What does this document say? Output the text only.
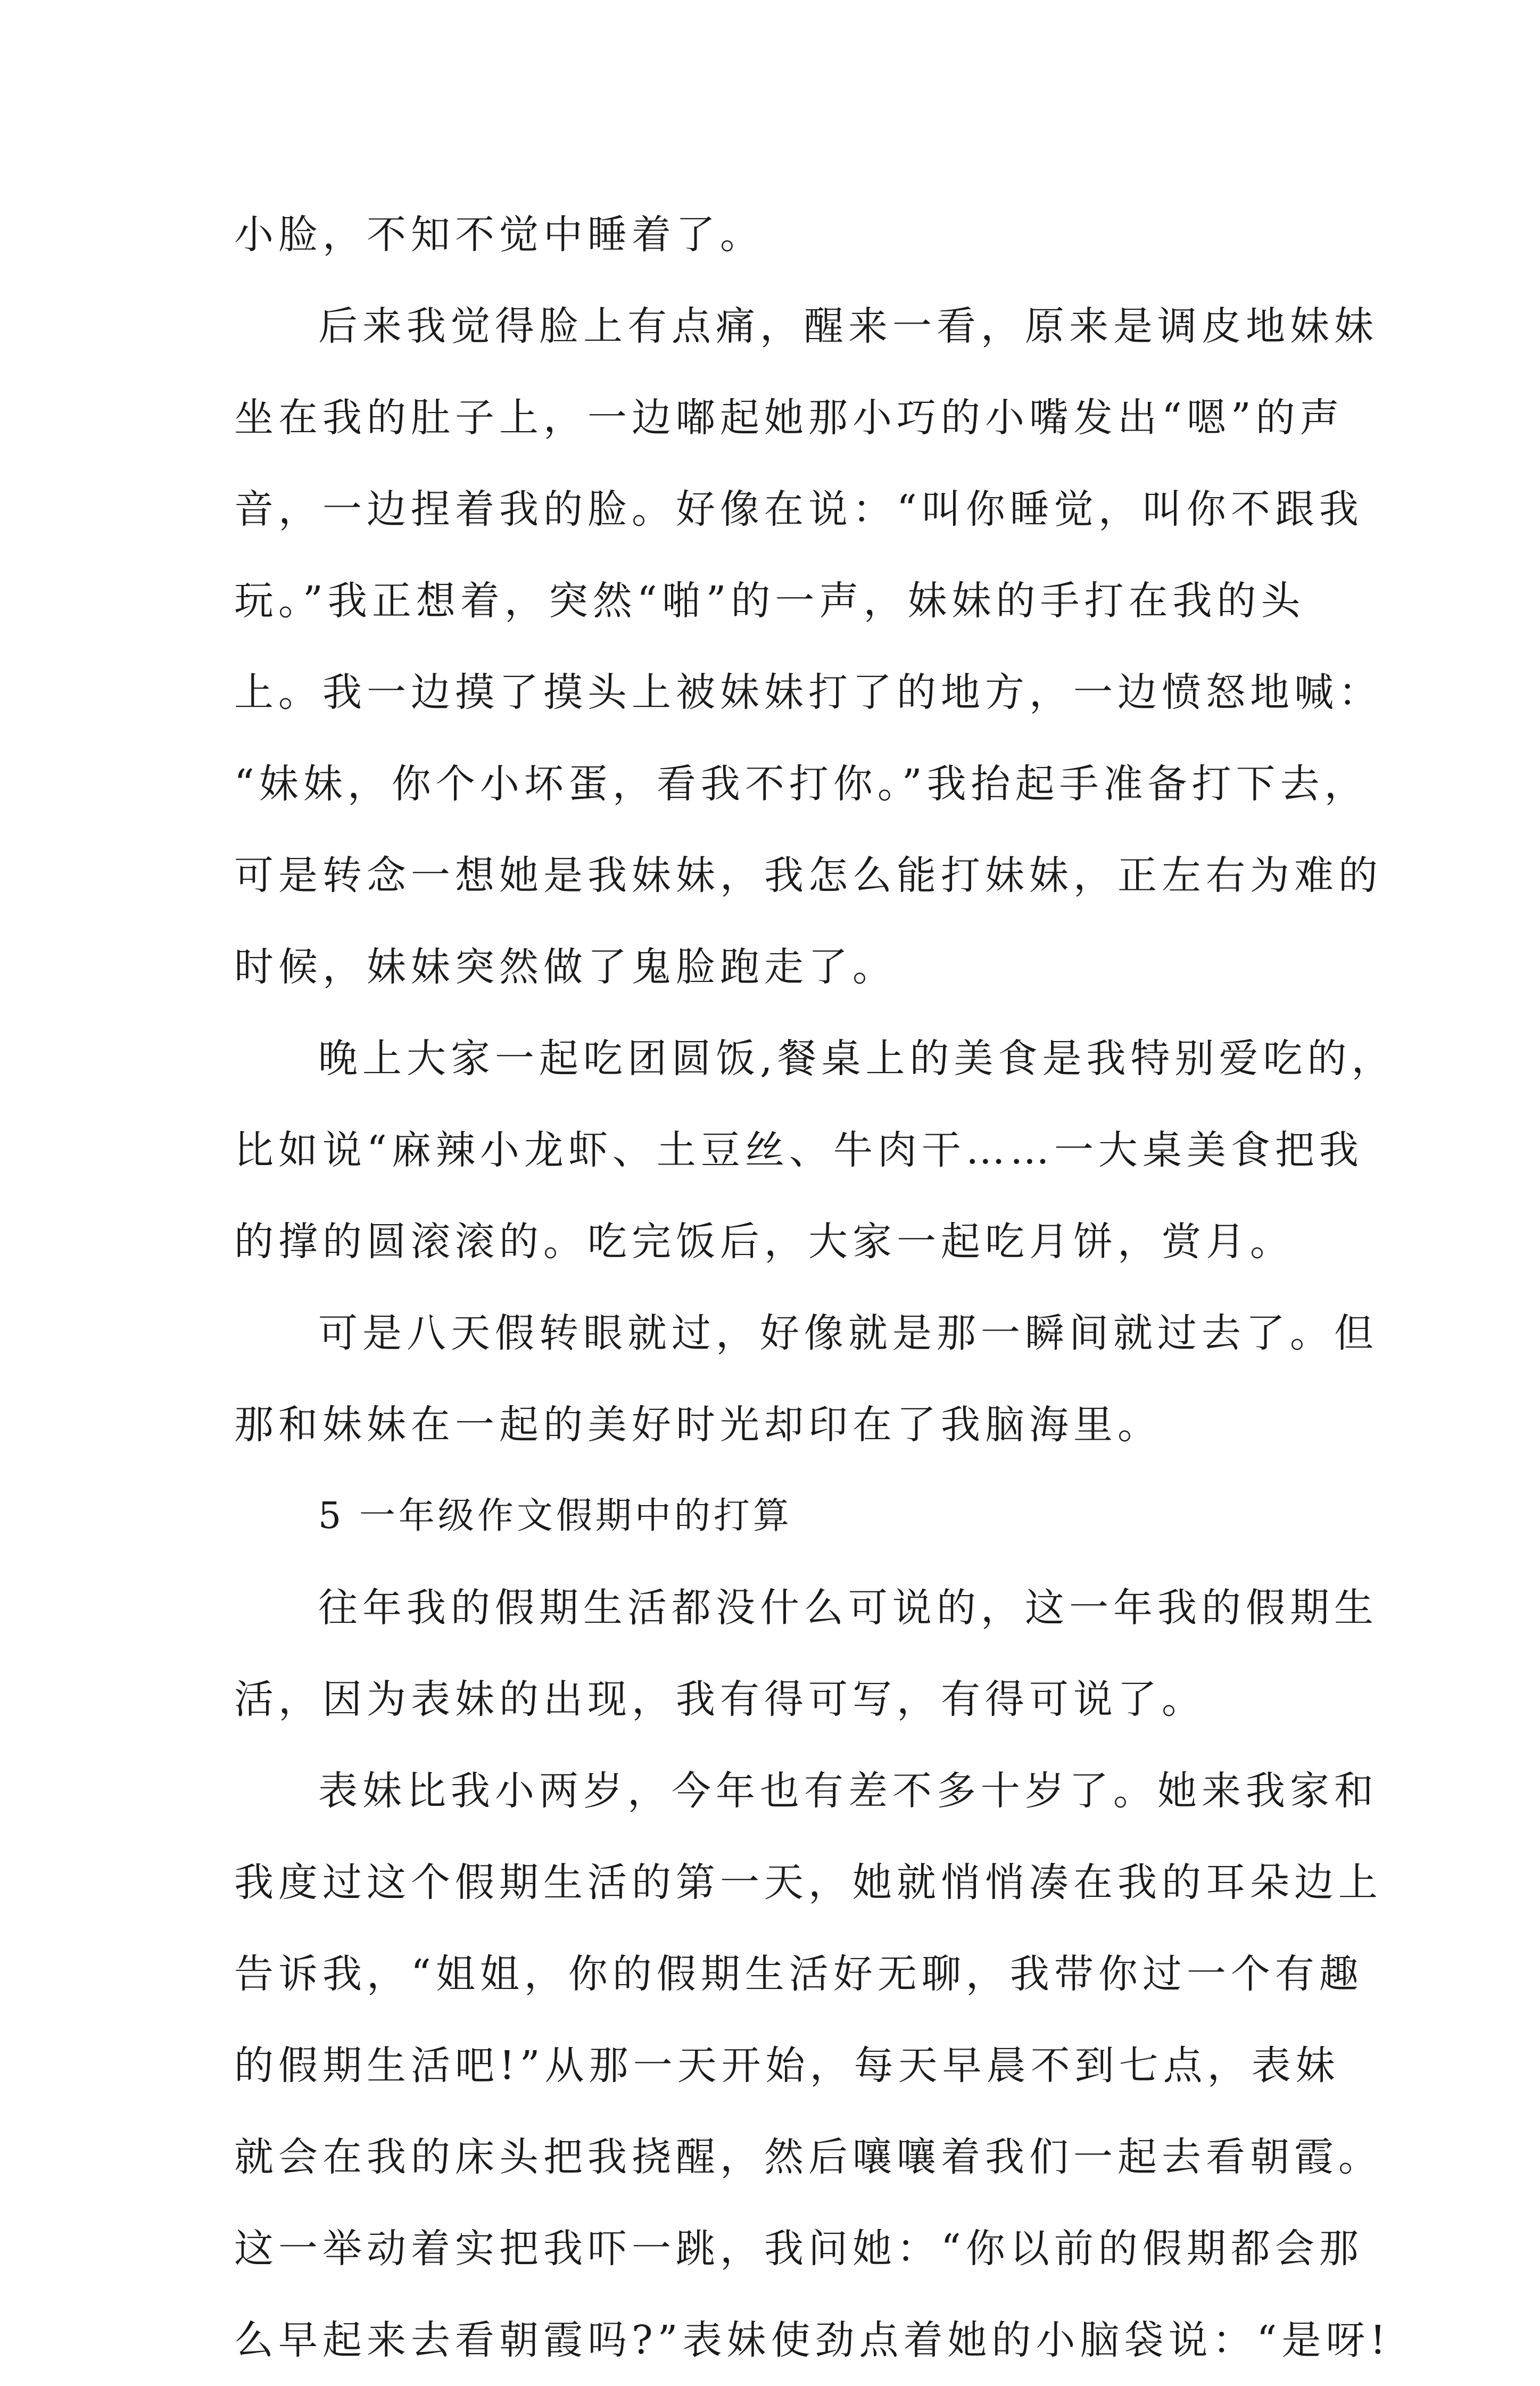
小脸，不知不觉中睡着了。
后来我觉得脸上有点痛，醒来一看，原来是调皮地妹妹
坐在我的肚子上，一边嘟起她那小巧的小嘴发出“嗯”的声
音，一边捏着我的脸。好像在说：“叫你睡觉，叫你不跟我
玩。”我正想着，突然“啪”的一声，妹妹的手打在我的头
上。我一边摸了摸头上被妹妹打了的地方，一边愤怒地喊：
“妹妹，你个小坏蛋，看我不打你。”我抬起手准备打下去，
可是转念一想她是我妹妹，我怎么能打妹妹，正左右为难的
时候，妹妹突然做了鬼脸跑走了。
晚上大家一起吃团圆饭,餐桌上的美食是我特别爱吃的，
比如说“麻辣小龙虾、土豆丝、牛肉干……一大桌美食把我
的撑的圆滚滚的。吃完饭后，大家一起吃月饼，赏月。
可是八天假转眼就过，好像就是那一瞬间就过去了。但
那和妹妹在一起的美好时光却印在了我脑海里。
5 一年级作文假期中的打算
往年我的假期生活都没什么可说的，这一年我的假期生
活，因为表妹的出现，我有得可写，有得可说了。
表妹比我小两岁，今年也有差不多十岁了。她来我家和
我度过这个假期生活的第一天，她就悄悄凑在我的耳朵边上
告诉我，“姐姐，你的假期生活好无聊，我带你过一个有趣
的假期生活吧!”从那一天开始，每天早晨不到七点，表妹
就会在我的床头把我挠醒，然后嚷嚷着我们一起去看朝霞。
这一举动着实把我吓一跳，我问她：“你以前的假期都会那
么早起来去看朝霞吗?”表妹使劲点着她的小脑袋说：“是呀!
